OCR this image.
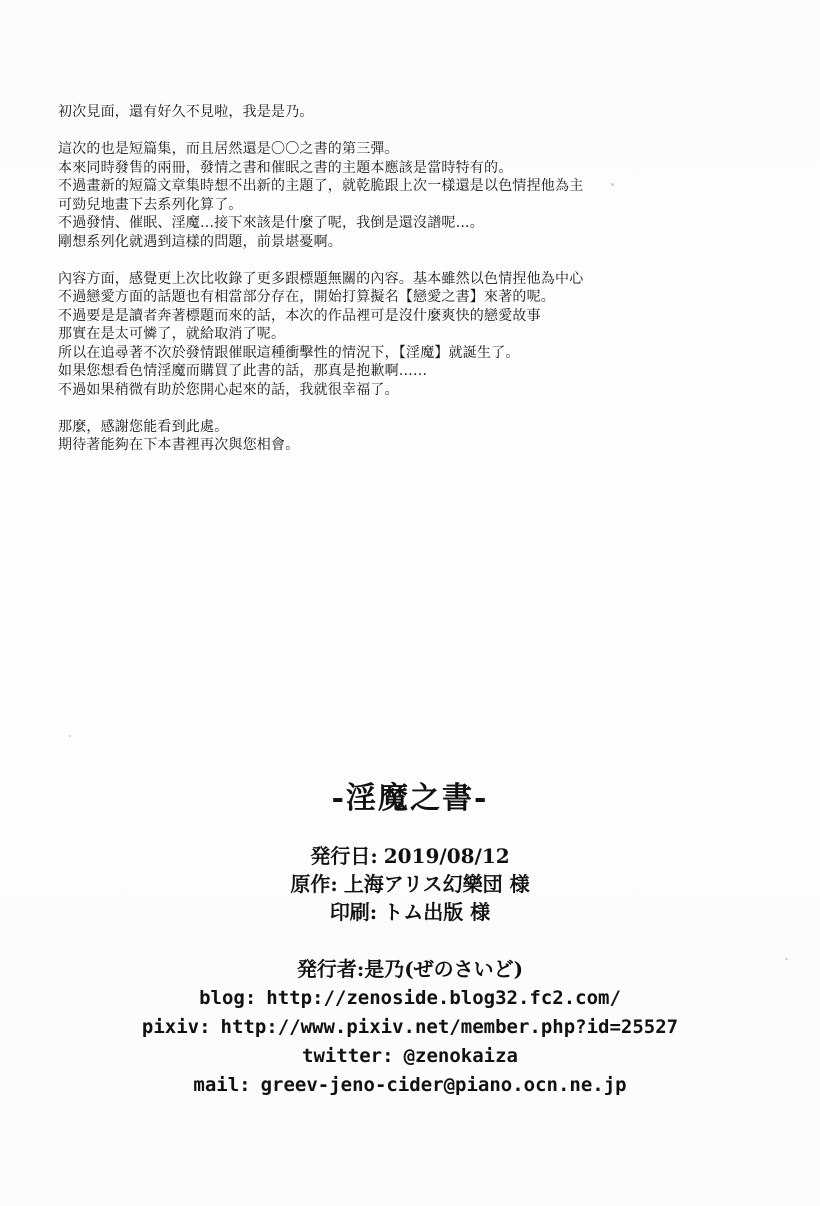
初次見面，還有好久不見啦，我是是乃。
這次的也是短篇集，而且居然還是〇〇之書的第三彈。
本來同時發售的兩冊，發情之書和催眠之書的主題本應該是當時特有的。
不過畫新的短篇文章集時想不出新的主題了，就乾脆跟上次一樣還是以色情捏他為主
可勁兒地畫下去系列化算了。
不過發情、催眠、淫魔…接下來該是什麼了呢，我倒是還沒譜呢…。
剛想系列化就遇到這樣的問題，前景堪憂啊。
內容方面，感覺更上次比收錄了更多跟標題無關的內容。基本雖然以色情捏他為中心
不過戀愛方面的話題也有相當部分存在，開始打算擬名【戀愛之書】來著的呢。
不過要是是讀者奔著標題而來的話，本次的作品裡可是沒什麼爽快的戀愛故事
那實在是太可憐了，就給取消了呢。
所以在追尋著不次於發情跟催眠這種衝擊性的情況下，【淫魔】就誕生了。
如果您想看色情淫魔而購買了此書的話，那真是抱歉啊……
不過如果稍微有助於您開心起來的話，我就很幸福了。
那麼，感謝您能看到此處。
期待著能夠在下本書裡再次與您相會。
-淫魔之書-
発行日: 2019/08/12
原作: 上海アリス幻樂団 様
印刷: トム出版 様
発行者:是乃(ぜのさいど)
blog: http://zenoside.blog32.fc2.com/
pixiv: http://www.pixiv.net/member.php?id=25527
twitter: @zenokaiza
mail: greev-jeno-cider@piano.ocn.ne.jp
